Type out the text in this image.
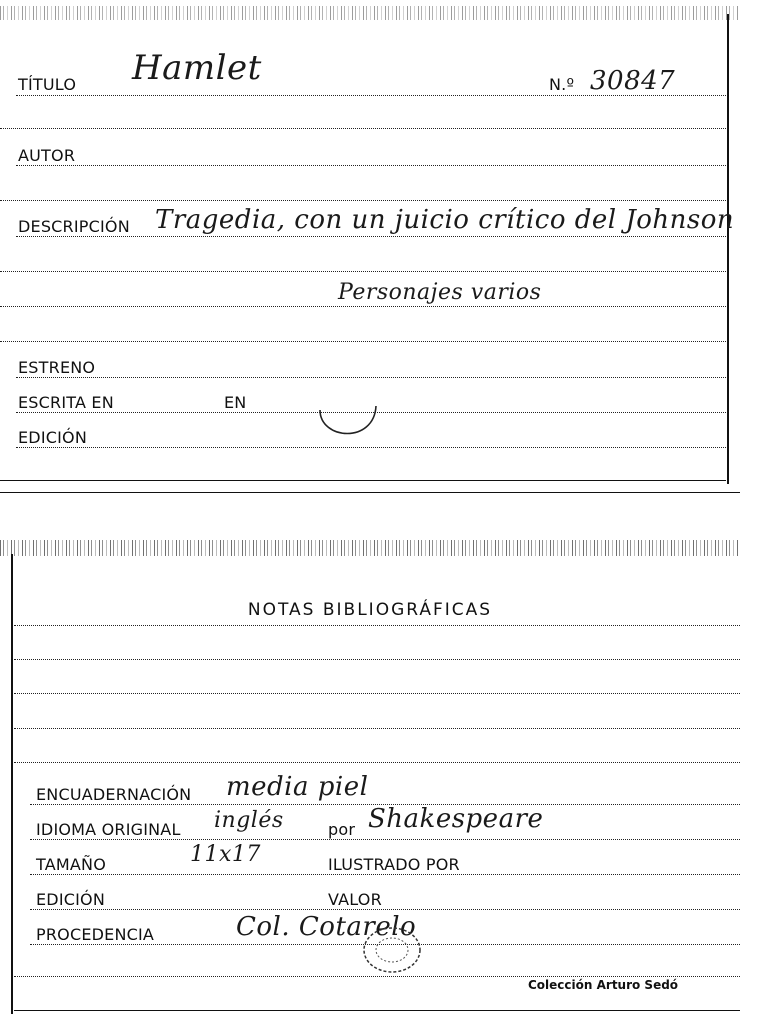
TÍTULO Hamlet	N.º 30847
AUTOR
DESCRIPCIÓN Tragedia, con un juicio crítico del Johnson
Personajes varios
ESTRENO
ESCRITA EN	EN
EDICIÓN
NOTAS BIBLIOGRÁFICAS
ENCUADERNACIÓN media piel
IDIOMA ORIGINAL inglés	por Shakespeare
TAMAÑO	11x17	ILUSTRADO POR
EDICIÓN	VALOR
PROCEDENCIA	Col. Cotarelo
Colección Arturo Sedó
